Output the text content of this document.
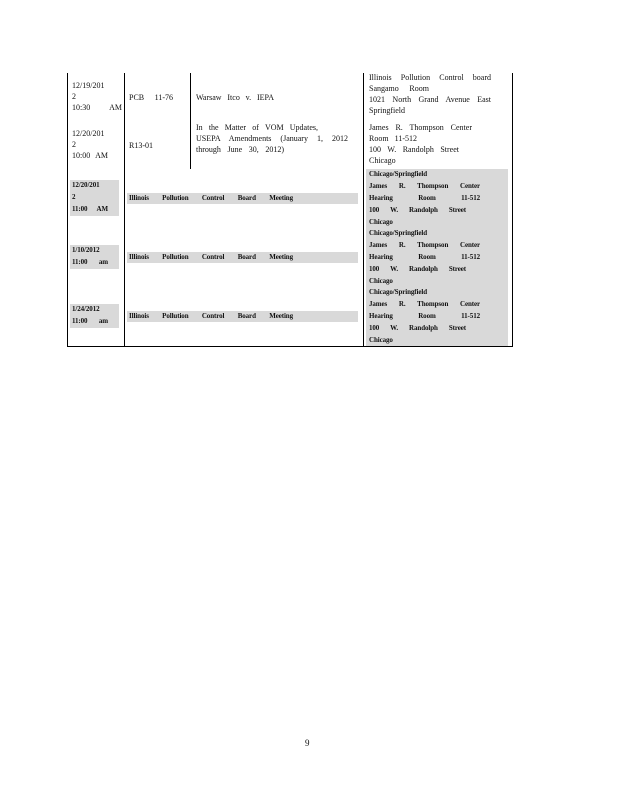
12/19/201
2
10:30 AM
PCB 11-76	Warsaw Itco v. IEPA
Illinois Pollution Control board
Sangamo Room
1021 North Grand Avenue East
Springfield
12/20/201
2
10:00 AM
R13-01
In the Matter of VOM Updates,
USEPA Amendments (January 1, 2012
through June 30, 2012)
James R. Thompson Center
Room 11-512
100 W. Randolph Street
Chicago
12/20/201
2
11:00 AM
Illinois Pollution Control Board Meeting
Chicago/Springfield
James R. Thompson Center
Hearing Room 11-512
100 W. Randolph Street
Chicago
1/10/2012
11:00 am
Illinois Pollution Control Board Meeting
Chicago/Springfield
James R. Thompson Center
Hearing Room 11-512
100 W. Randolph Street
Chicago
1/24/2012
11:00 am
Illinois Pollution Control Board Meeting
Chicago/Springfield
James R. Thompson Center
Hearing Room 11-512
100 W. Randolph Street
Chicago
9
